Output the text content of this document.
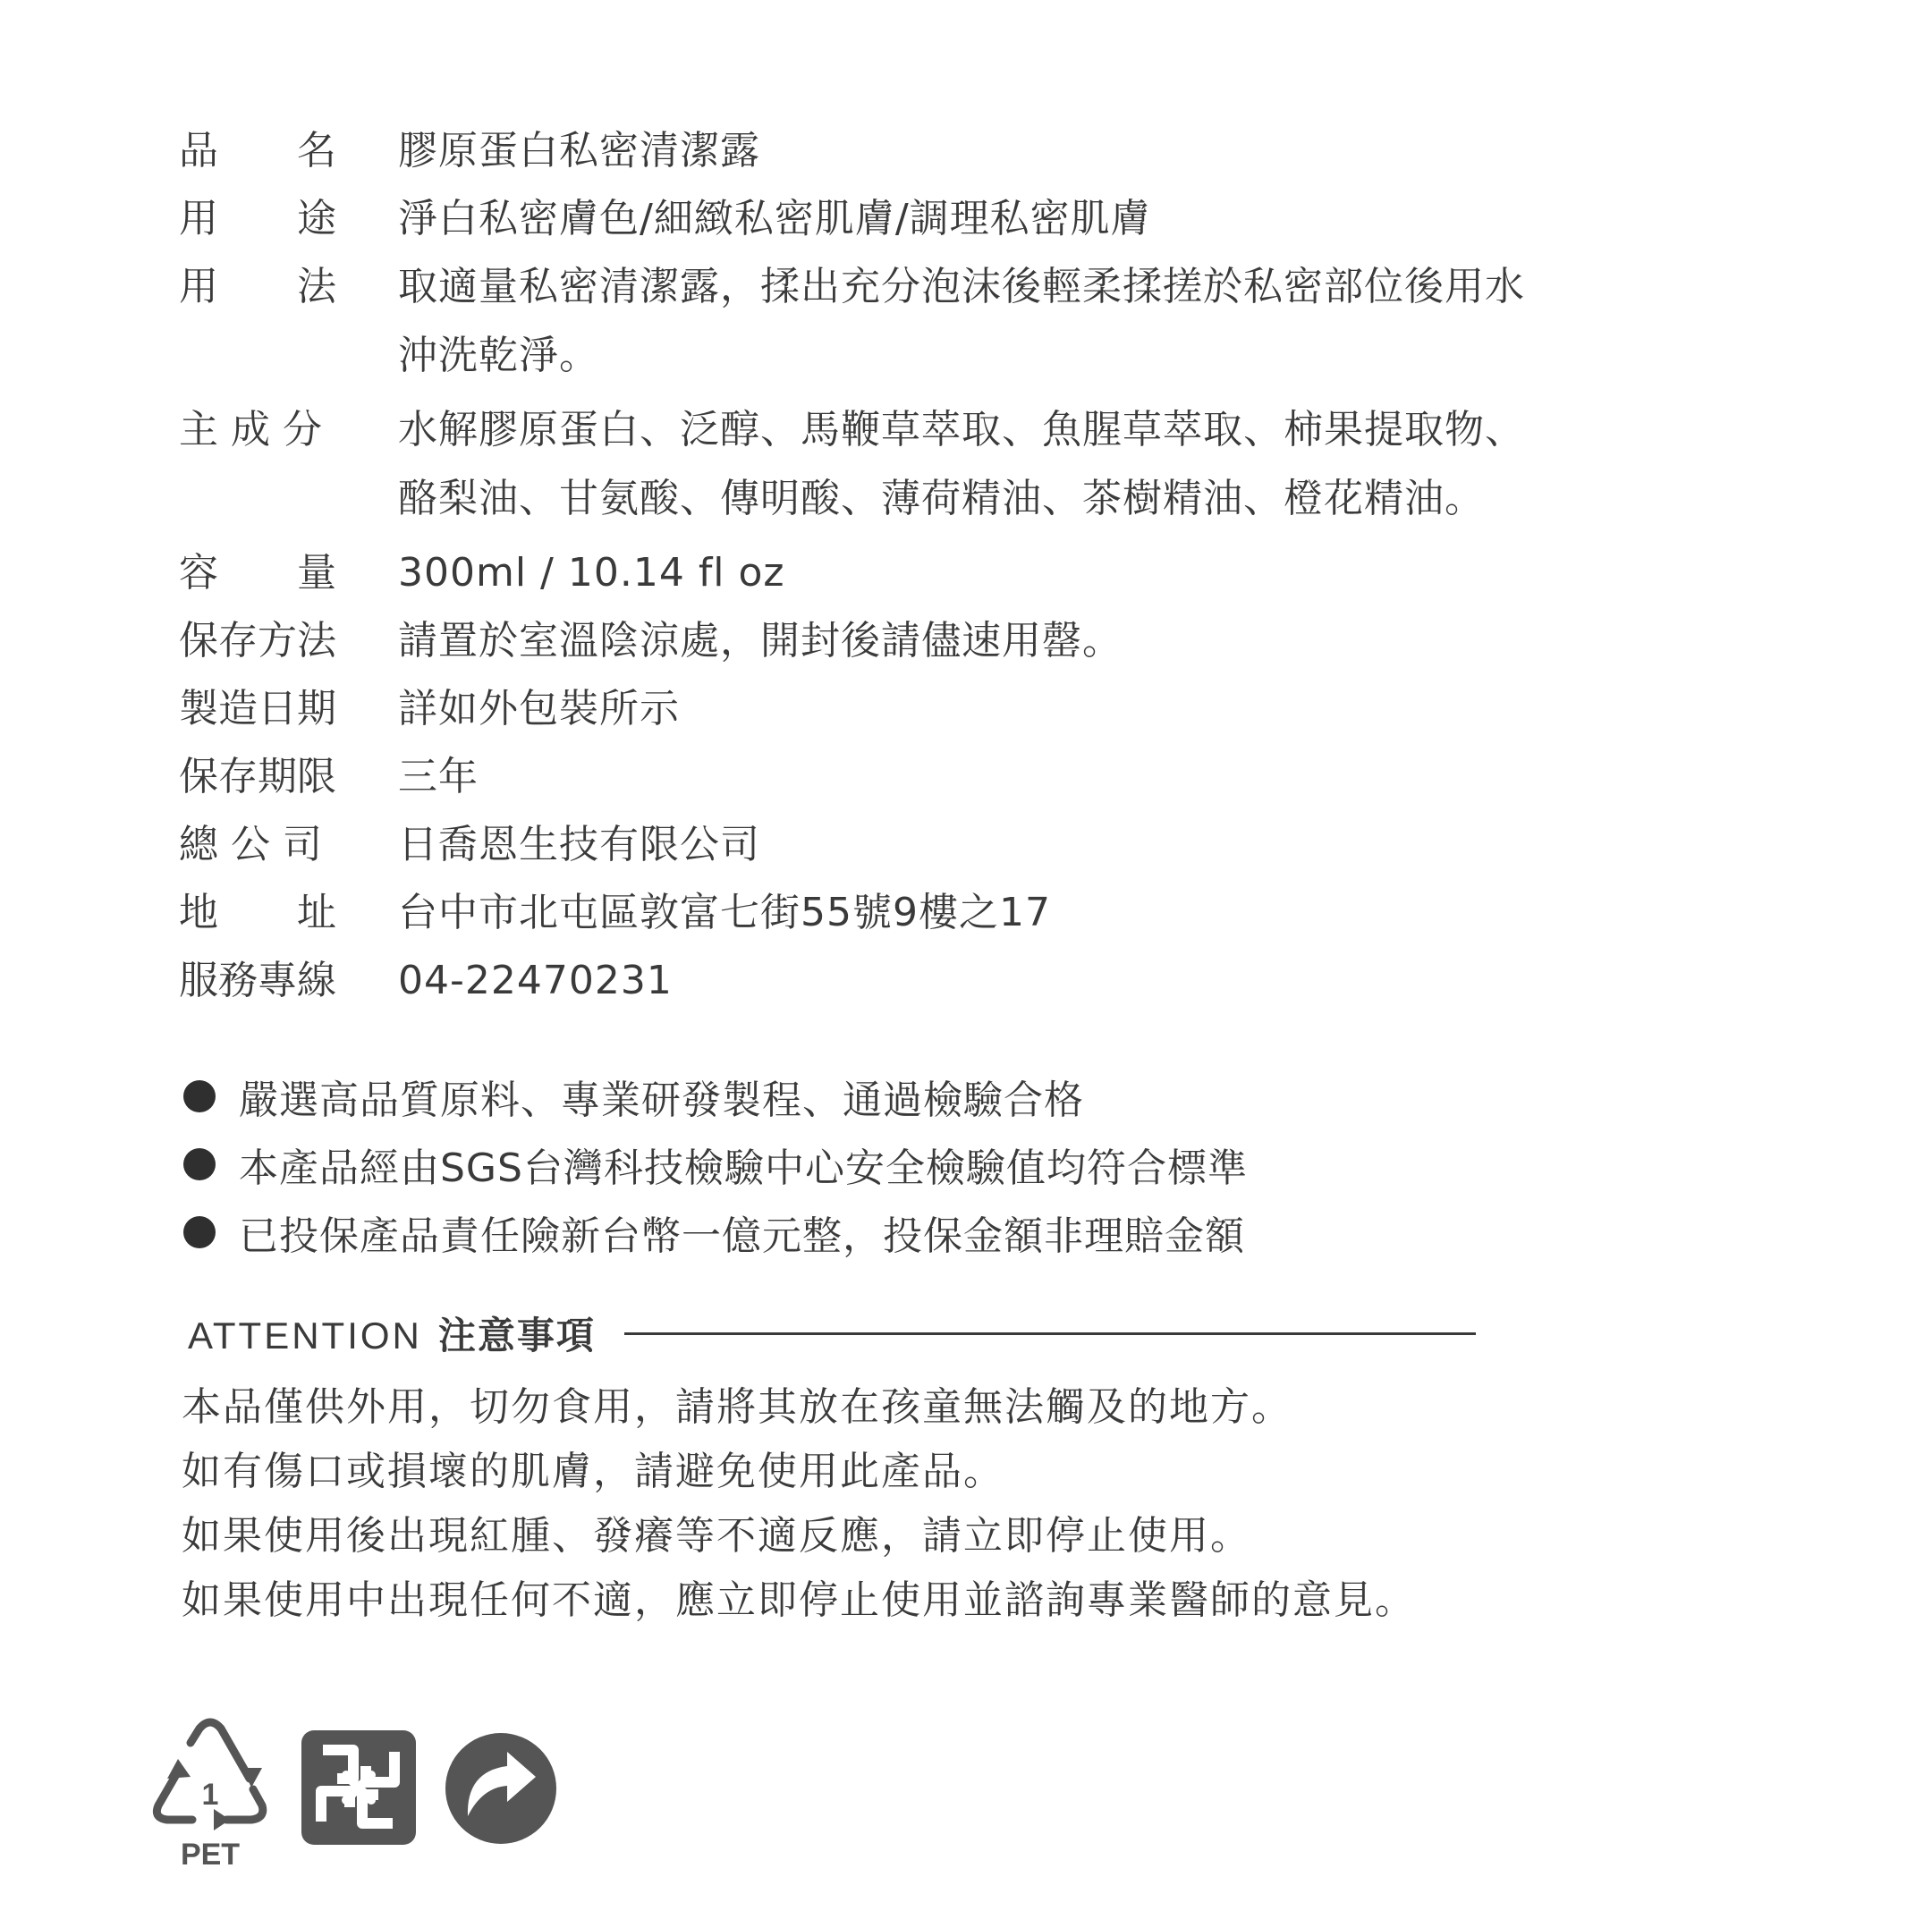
品　　名	膠原蛋白私密清潔露
用　　途	淨白私密膚色/細緻私密肌膚/調理私密肌膚
用　　法	取適量私密清潔露，揉出充分泡沫後輕柔揉搓於私密部位後用水
沖洗乾淨。
主 成 分	水解膠原蛋白、泛醇、馬鞭草萃取、魚腥草萃取、柿果提取物、
酪梨油、甘氨酸、傳明酸、薄荷精油、茶樹精油、橙花精油。
容　　量	300ml / 10.14 fl oz
保存方法	請置於室溫陰涼處，開封後請儘速用罄。
製造日期	詳如外包裝所示
保存期限	三年
總 公 司	日喬恩生技有限公司
地　　址	台中市北屯區敦富七街55號9樓之17
服務專線	04-22470231
嚴選高品質原料、專業研發製程、通過檢驗合格
本產品經由SGS台灣科技檢驗中心安全檢驗值均符合標準
已投保產品責任險新台幣一億元整，投保金額非理賠金額
ATTENTION 注意事項
本品僅供外用，切勿食用，請將其放在孩童無法觸及的地方。
如有傷口或損壞的肌膚，請避免使用此產品。
如果使用後出現紅腫、發癢等不適反應，請立即停止使用。
如果使用中出現任何不適，應立即停止使用並諮詢專業醫師的意見。
1
PET
